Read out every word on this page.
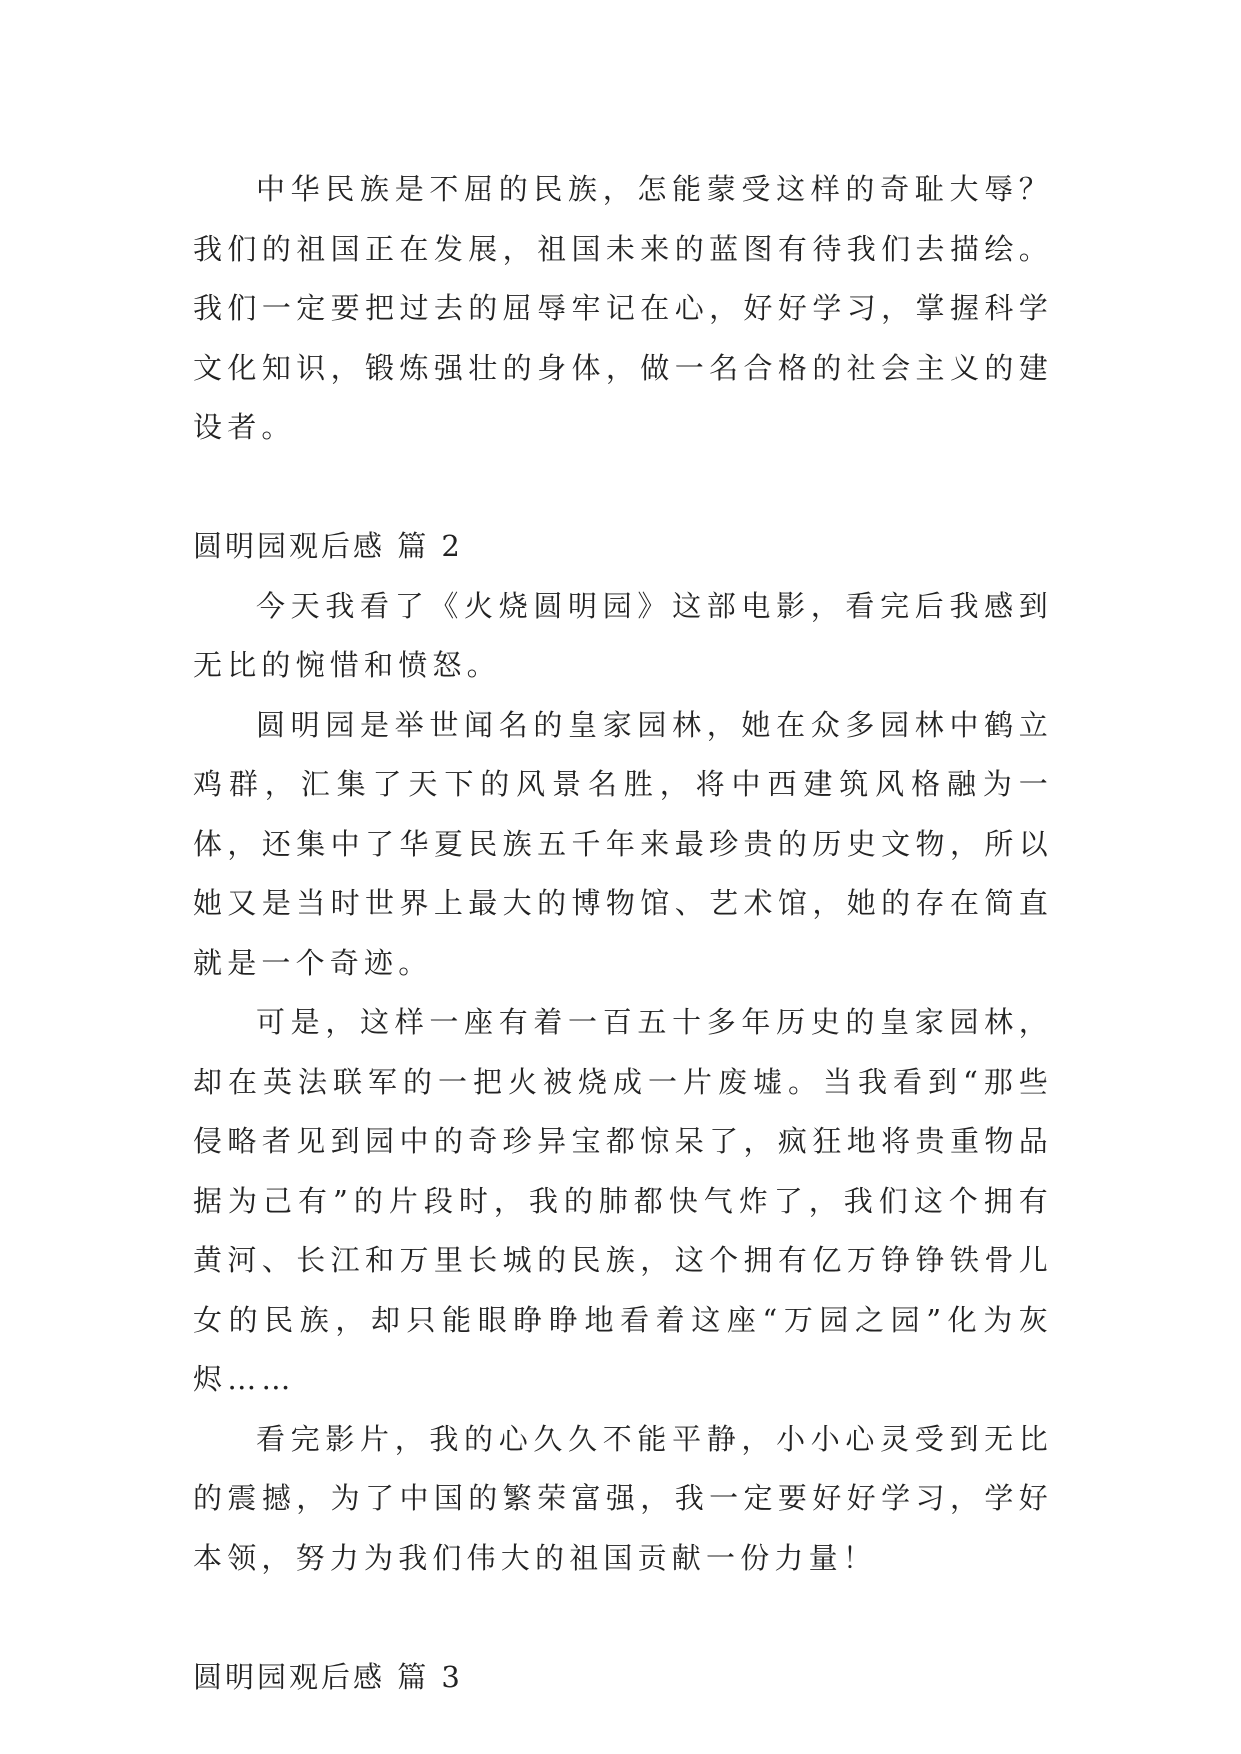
中华民族是不屈的民族，怎能蒙受这样的奇耻大辱？我们的祖国正在发展，祖国未来的蓝图有待我们去描绘。我们一定要把过去的屈辱牢记在心，好好学习，掌握科学文化知识，锻炼强壮的身体，做一名合格的社会主义的建设者。

圆明园观后感 篇 2

今天我看了《火烧圆明园》这部电影，看完后我感到无比的惋惜和愤怒。

圆明园是举世闻名的皇家园林，她在众多园林中鹤立鸡群，汇集了天下的风景名胜，将中西建筑风格融为一体，还集中了华夏民族五千年来最珍贵的历史文物，所以她又是当时世界上最大的博物馆、艺术馆，她的存在简直就是一个奇迹。

可是，这样一座有着一百五十多年历史的皇家园林，却在英法联军的一把火被烧成一片废墟。当我看到“那些侵略者见到园中的奇珍异宝都惊呆了，疯狂地将贵重物品据为己有”的片段时，我的肺都快气炸了，我们这个拥有黄河、长江和万里长城的民族，这个拥有亿万铮铮铁骨儿女的民族，却只能眼睁睁地看着这座“万园之园”化为灰烬……

看完影片，我的心久久不能平静，小小心灵受到无比的震撼，为了中国的繁荣富强，我一定要好好学习，学好本领，努力为我们伟大的祖国贡献一份力量！

圆明园观后感 篇 3
